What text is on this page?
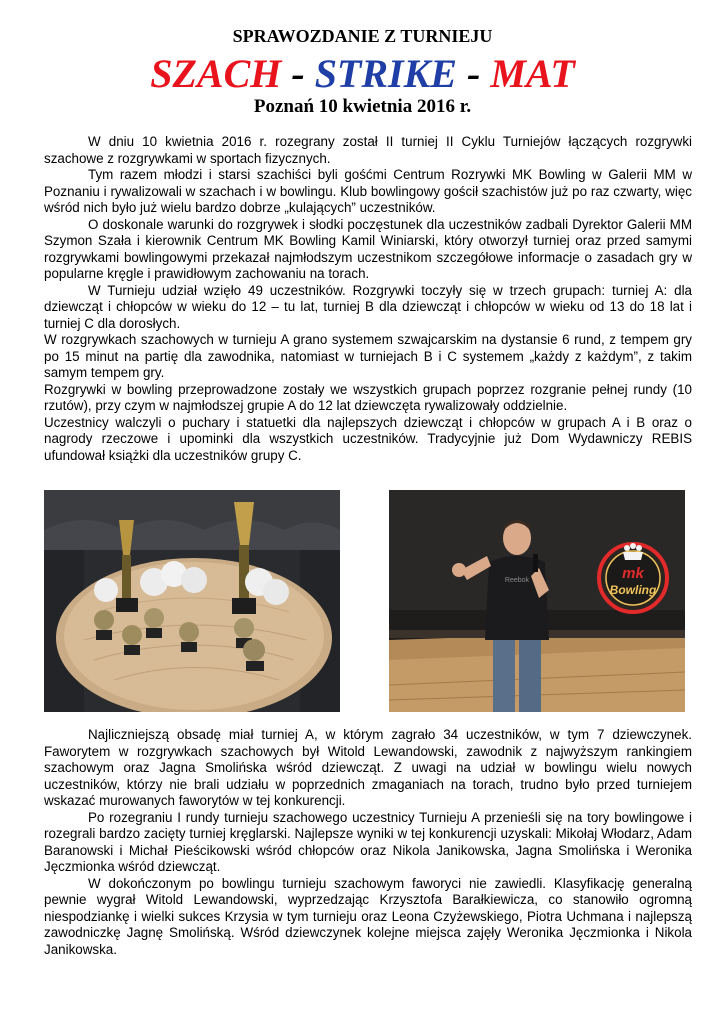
SPRAWOZDANIE Z TURNIEJU
SZACH - STRIKE - MAT
Poznań 10 kwietnia 2016 r.

W dniu 10 kwietnia 2016 r. rozegrany został II turniej II Cyklu Turniejów łączących rozgrywki szachowe z rozgrywkami w sportach fizycznych.

Tym razem młodzi i starsi szachiści byli gośćmi Centrum Rozrywki MK Bowling w Galerii MM w Poznaniu i rywalizowali w szachach i w bowlingu. Klub bowlingowy gościł szachistów już po raz czwarty, więc wśród nich było już wielu bardzo dobrze „kulających” uczestników.

O doskonale warunki do rozgrywek i słodki poczęstunek dla uczestników zadbali Dyrektor Galerii MM Szymon Szała i kierownik Centrum MK Bowling Kamil Winiarski, który otworzył turniej oraz przed samymi rozgrywkami bowlingowymi przekazał najmłodszym uczestnikom szczegółowe informacje o zasadach gry w popularne kręgle i prawidłowym zachowaniu na torach.

W Turnieju udział wzięło 49 uczestników. Rozgrywki toczyły się w trzech grupach: turniej A: dla dziewcząt i chłopców w wieku do 12 – tu lat, turniej B dla dziewcząt i chłopców w wieku od 13 do 18 lat i turniej C dla dorosłych.

W rozgrywkach szachowych w turnieju A grano systemem szwajcarskim na dystansie 6 rund, z tempem gry po 15 minut na partię dla zawodnika, natomiast w turniejach B i C systemem „każdy z każdym”, z takim samym tempem gry.

Rozgrywki w bowling przeprowadzone zostały we wszystkich grupach poprzez rozgranie pełnej rundy (10 rzutów), przy czym w najmłodszej grupie A do 12 lat dziewczęta rywalizowały oddzielnie.

Uczestnicy walczyli o puchary i statuetki dla najlepszych dziewcząt i chłopców w grupach A i B oraz o nagrody rzeczowe i upominki dla wszystkich uczestników. Tradycyjnie już Dom Wydawniczy REBIS ufundował książki dla uczestników grupy C.

mk
Bowling
Reebok

Najliczniejszą obsadę miał turniej A, w którym zagrało 34 uczestników, w tym 7 dziewczynek. Faworytem w rozgrywkach szachowych był Witold Lewandowski, zawodnik z najwyższym rankingiem szachowym oraz Jagna Smolińska wśród dziewcząt. Z uwagi na udział w bowlingu wielu nowych uczestników, którzy nie brali udziału w poprzednich zmaganiach na torach, trudno było przed turniejem wskazać murowanych faworytów w tej konkurencji.

Po rozegraniu I rundy turnieju szachowego uczestnicy Turnieju A przenieśli się na tory bowlingowe i rozegrali bardzo zacięty turniej kręglarski. Najlepsze wyniki w tej konkurencji uzyskali: Mikołaj Włodarz, Adam Baranowski i Michał Pieścikowski wśród chłopców oraz Nikola Janikowska, Jagna Smolińska i Weronika Jęczmionka wśród dziewcząt.

W dokończonym po bowlingu turnieju szachowym faworyci nie zawiedli. Klasyfikację generalną pewnie wygrał Witold Lewandowski, wyprzedzając Krzysztofa Barałkiewicza, co stanowiło ogromną niespodziankę i wielki sukces Krzysia w tym turnieju oraz Leona Czyżewskiego, Piotra Uchmana i najlepszą zawodniczkę Jagnę Smolińską. Wśród dziewczynek kolejne miejsca zajęły Weronika Jęczmionka i Nikola Janikowska.
